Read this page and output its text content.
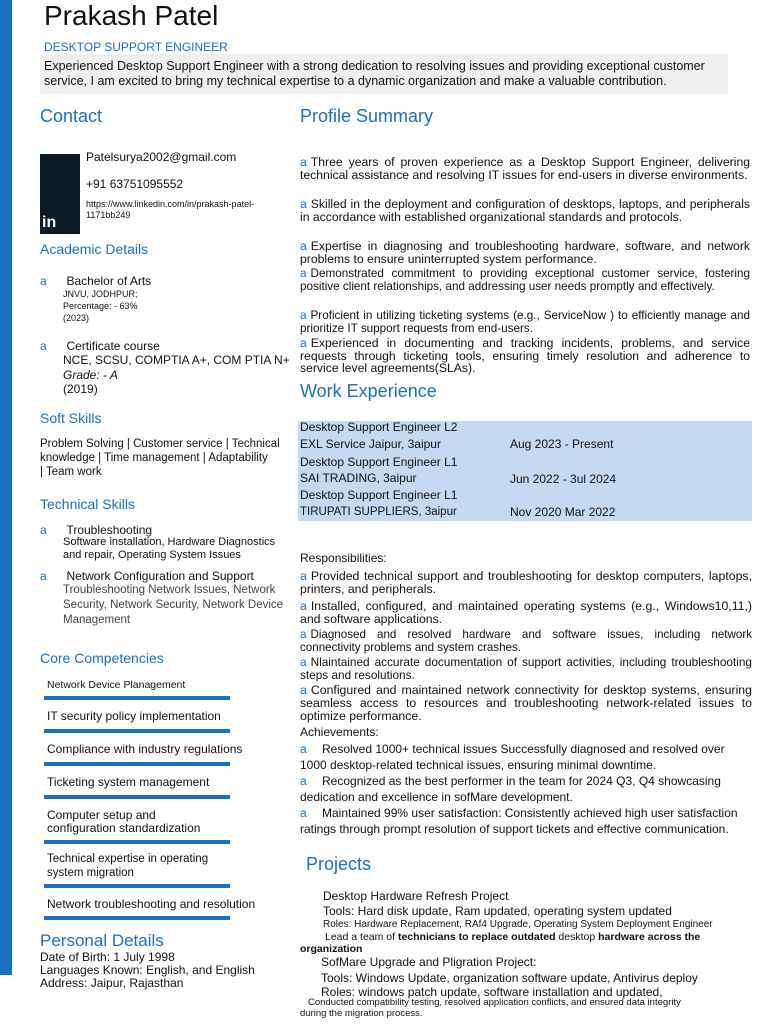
Prakash Patel
DESKTOP SUPPORT ENGINEER
Experienced Desktop Support Engineer with a strong dedication to resolving issues and providing exceptional customer service, I am excited to bring my technical expertise to a dynamic organization and make a valuable contribution.
Contact
in
Patelsurya2002@gmail.com
+91 63751095552
https://www.linkedin.com/in/prakash-patel-1171bb249
Academic Details
a Bachelor of Arts
JNVU, JODHPUR;
Percentage: - 63%
(2023)
a Certificate course
NCE, SCSU, COMPTIA A+, COM PTIA N+
Grade: - A
(2019)
Soft Skills
Problem Solving | Customer service | Technical
knowledge | Time management | Adaptability
| Team work
Technical Skills
a Troubleshooting
Software installation, Hardware Diagnostics
and repair, Operating System Issues
a Network Configuration and Support
Troubleshooting Network Issues, Network
Security, Network Security, Network Device
Management
Core Competencies
Network Device Planagement
IT security policy implementation
Compliance with industry regulations
Ticketing system management
Computer setup and configuration standardization
Technical expertise in operating system migration
Network troubleshooting and resolution
Personal Details
Date of Birth: 1 July 1998
Languages Known: English, and English
Address: Jaipur, Rajasthan
Profile Summary
a Three years of proven experience as a Desktop Support Engineer, delivering technical assistance and resolving IT issues for end-users in diverse environments.
a Skilled in the deployment and configuration of desktops, laptops, and peripherals in accordance with established organizational standards and protocols.
a Expertise in diagnosing and troubleshooting hardware, software, and network problems to ensure uninterrupted system performance.
a Demonstrated commitment to providing exceptional customer service, fostering positive client relationships, and addressing user needs promptly and effectively.
a Proficient in utilizing ticketing systems (e.g., ServiceNow ) to efficiently manage and prioritize IT support requests from end-users.
a Experienced in documenting and tracking incidents, problems, and service requests through ticketing tools, ensuring timely resolution and adherence to service level agreements(SLAs).
Work Experience
Desktop Support Engineer L2
EXL Service Jaipur, 3aipur	Aug 2023 - Present
Desktop Support Engineer L1
SAI TRADING, 3aipur	Jun 2022 - 3ul 2024
Desktop Support Engineer L1
TIRUPATI SUPPLIERS, 3aipur	Nov 2020 Mar 2022
Responsibilities:
a Provided technical support and troubleshooting for desktop computers, laptops, printers, and peripherals.
a Installed, configured, and maintained operating systems (e.g., Windows10,11,) and software applications.
a Diagnosed and resolved hardware and software issues, including network connectivity problems and system crashes.
a Nlaintained accurate documentation of support activities, including troubleshooting steps and resolutions.
a Configured and maintained network connectivity for desktop systems, ensuring seamless access to resources and troubleshooting network-related issues to optimize performance.
Achievements:
a Resolved 1000+ technical issues Successfully diagnosed and resolved over 1000 desktop-related technical issues, ensuring minimal downtime.
a Recognized as the best performer in the team for 2024 Q3, Q4 showcasing dedication and excellence in sofMare development.
a Maintained 99% user satisfaction: Consistently achieved high user satisfaction ratings through prompt resolution of support tickets and effective communication.
Projects
Desktop Hardware Refresh Project
Tools: Hard disk update, Ram updated, operating system updated
Roles: Hardware Replacement, RAf4 Upgrade, Operating System Deployment Engineer
Lead a team of technicians to replace outdated desktop hardware across the
organization
SofMare Upgrade and Pligration Project:
Tools: Windows Update, organization software update, Antivirus deploy
Roles: windows patch update, software installation and updated,
Conducted compatibility testing, resolved application conflicts, and ensured data integrity
during the migration process.
